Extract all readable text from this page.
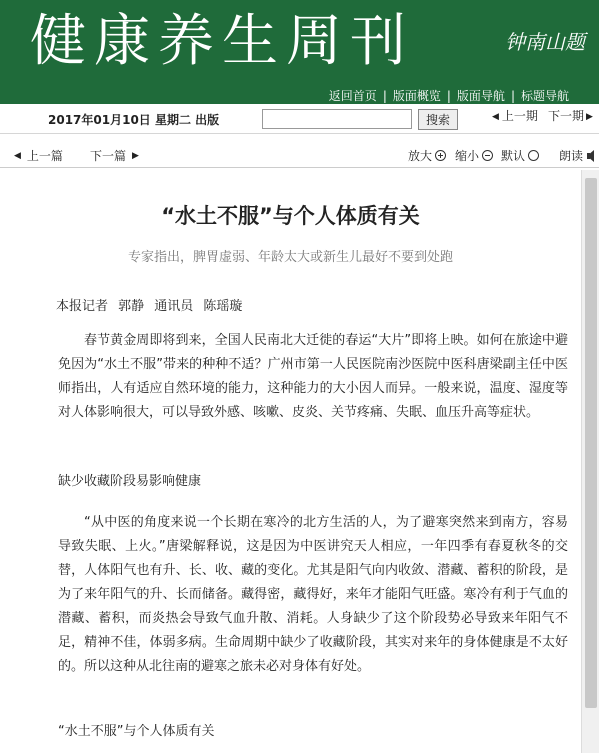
健康养生周刊	钟南山题
返回首页 | 版面概览 | 版面导航 | 标题导航
2017年01月10日 星期二 出版	搜索	◀ 上一期 下一期 ▶
◀ 上一篇 下一篇 ▶	放大 缩小 默认	朗读
“水土不服”与个人体质有关
专家指出，脾胃虚弱、年龄太大或新生儿最好不要到处跑
本报记者 郭静 通讯员 陈瑶璇

春节黄金周即将到来，全国人民南北大迁徙的春运“大片”即将上映。如何在旅途中避免因为“水土不服”带来的种种不适？广州市第一人民医院南沙医院中医科唐梁副主任中医师指出，人有适应自然环境的能力，这种能力的大小因人而异。一般来说，温度、湿度等对人体影响很大，可以导致外感、咳嗽、皮炎、关节疼痛、失眠、血压升高等症状。

缺少收藏阶段易影响健康

“从中医的角度来说一个长期在寒冷的北方生活的人，为了避寒突然来到南方，容易导致失眠、上火。”唐梁解释说，这是因为中医讲究天人相应，一年四季有春夏秋冬的交替，人体阳气也有升、长、收、藏的变化。尤其是阳气向内收敛、潜藏、蓄积的阶段，是为了来年阳气的升、长而储备。藏得密，藏得好，来年才能阳气旺盛。寒冷有利于气血的潜藏、蓄积，而炎热会导致气血升散、消耗。人身缺少了这个阶段势必导致来年阳气不足，精神不佳，体弱多病。生命周期中缺少了收藏阶段，其实对来年的身体健康是不太好的。所以这种从北往南的避寒之旅未必对身体有好处。

“水土不服”与个人体质有关
